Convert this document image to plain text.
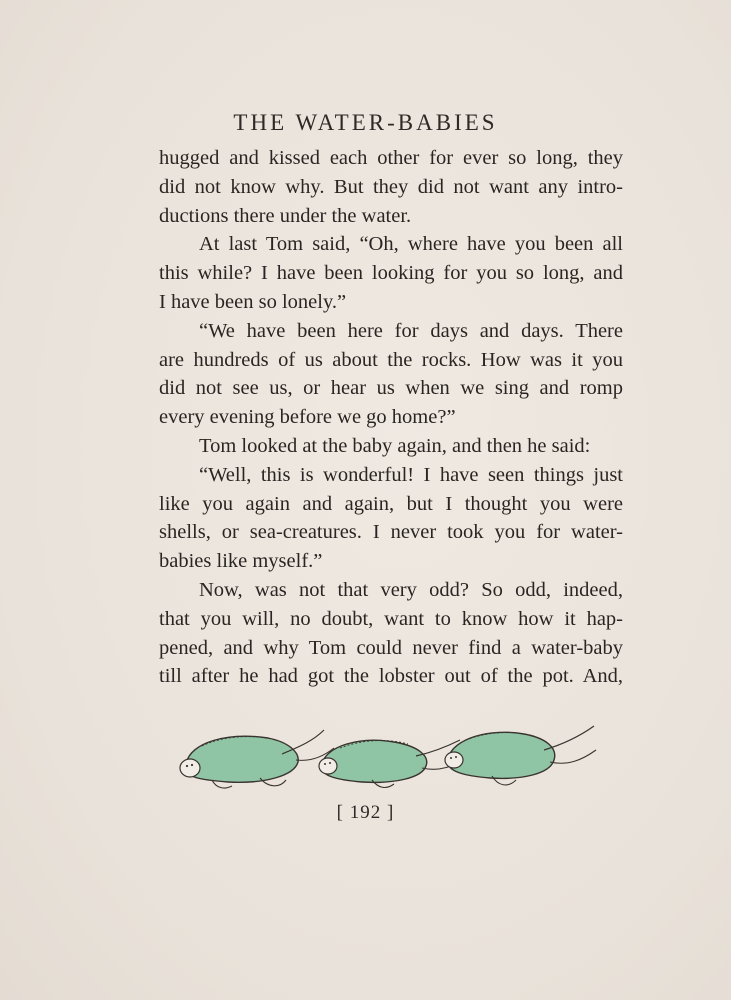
THE WATER-BABIES
hugged and kissed each other for ever so long, they
did not know why. But they did not want any intro-
ductions there under the water.
At last Tom said, “Oh, where have you been all
this while? I have been looking for you so long, and
I have been so lonely.”
“We have been here for days and days. There
are hundreds of us about the rocks. How was it you
did not see us, or hear us when we sing and romp
every evening before we go home?”
Tom looked at the baby again, and then he said:
“Well, this is wonderful! I have seen things just
like you again and again, but I thought you were
shells, or sea-creatures. I never took you for water-
babies like myself.”
Now, was not that very odd? So odd, indeed,
that you will, no doubt, want to know how it hap-
pened, and why Tom could never find a water-baby
till after he had got the lobster out of the pot. And,
[ 192 ]
